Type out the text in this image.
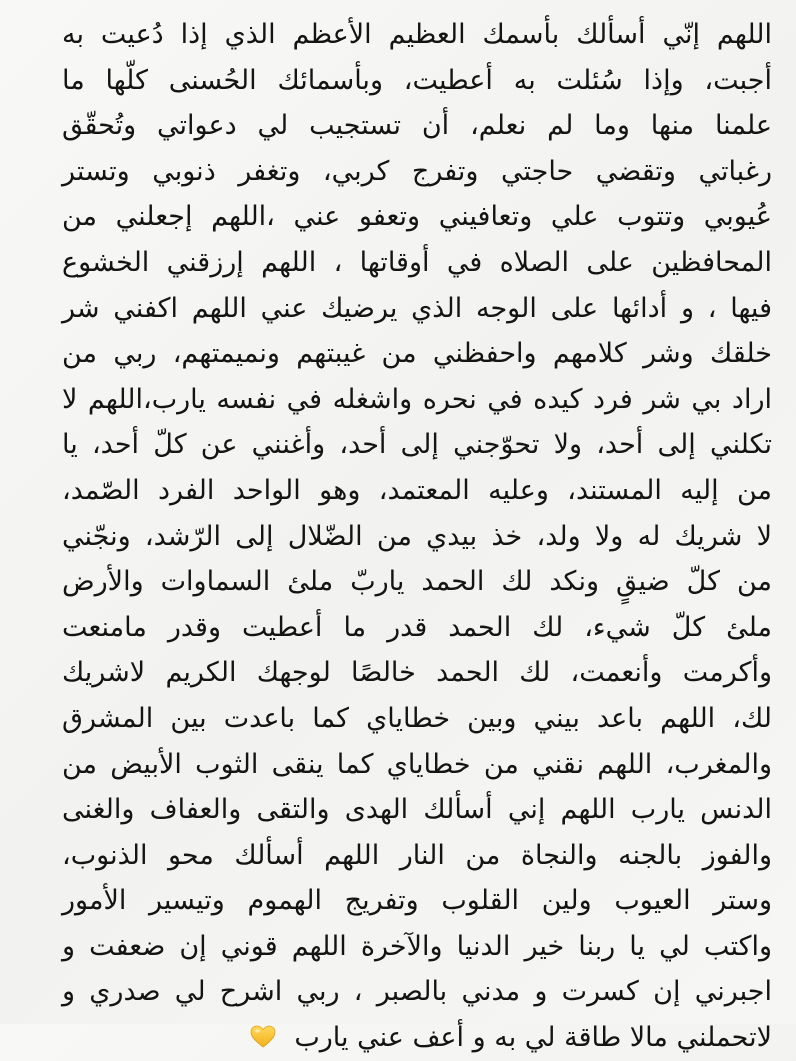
اللهم إنّي أسألك بأسمك العظيم الأعظم الذي إذا دُعيت به
أجبت، وإذا سُئلت به أعطيت، وبأسمائك الحُسنى كلّها ما
علمنا منها وما لم نعلم، أن تستجيب لي دعواتي وتُحقّق
رغباتي وتقضي حاجتي وتفرج كربي، وتغفر ذنوبي وتستر
عُيوبي وتتوب علي وتعافيني وتعفو عني ،اللهم إجعلني من
المحافظين على الصلاه في أوقاتها ، اللهم إرزقني الخشوع
فيها ، و أدائها على الوجه الذي يرضيك عني اللهم اكفني شر
خلقك وشر كلامهم واحفظني من غيبتهم ونميمتهم، ربي من
اراد بي شر فرد كيده في نحره واشغله في نفسه يارب،اللهم لا
تكلني إلى أحد، ولا تحوّجني إلى أحد، وأغنني عن كلّ أحد، يا
من إليه المستند، وعليه المعتمد، وهو الواحد الفرد الصّمد،
لا شريك له ولا ولد، خذ بيدي من الضّلال إلى الرّشد، ونجّني
من كلّ ضيقٍ ونكد لك الحمد ياربّ ملئ السماوات والأرض
ملئ كلّ شيء، لك الحمد قدر ما أعطيت وقدر مامنعت
وأكرمت وأنعمت، لك الحمد خالصًا لوجهك الكريم لاشريك
لك، اللهم باعد بيني وبين خطاياي كما باعدت بين المشرق
والمغرب، اللهم نقني من خطاياي كما ينقى الثوب الأبيض من
الدنس يارب اللهم إني أسألك الهدى والتقى والعفاف والغنى
والفوز بالجنه والنجاة من النار اللهم أسألك محو الذنوب،
وستر العيوب ولين القلوب وتفريج الهموم وتيسير الأمور
واكتب لي يا ربنا خير الدنيا والآخرة اللهم قوني إن ضعفت و
اجبرني إن كسرت و مدني بالصبر ، ربي اشرح لي صدري و
لاتحملني مالا طاقة لي به و أعف عني يارب
